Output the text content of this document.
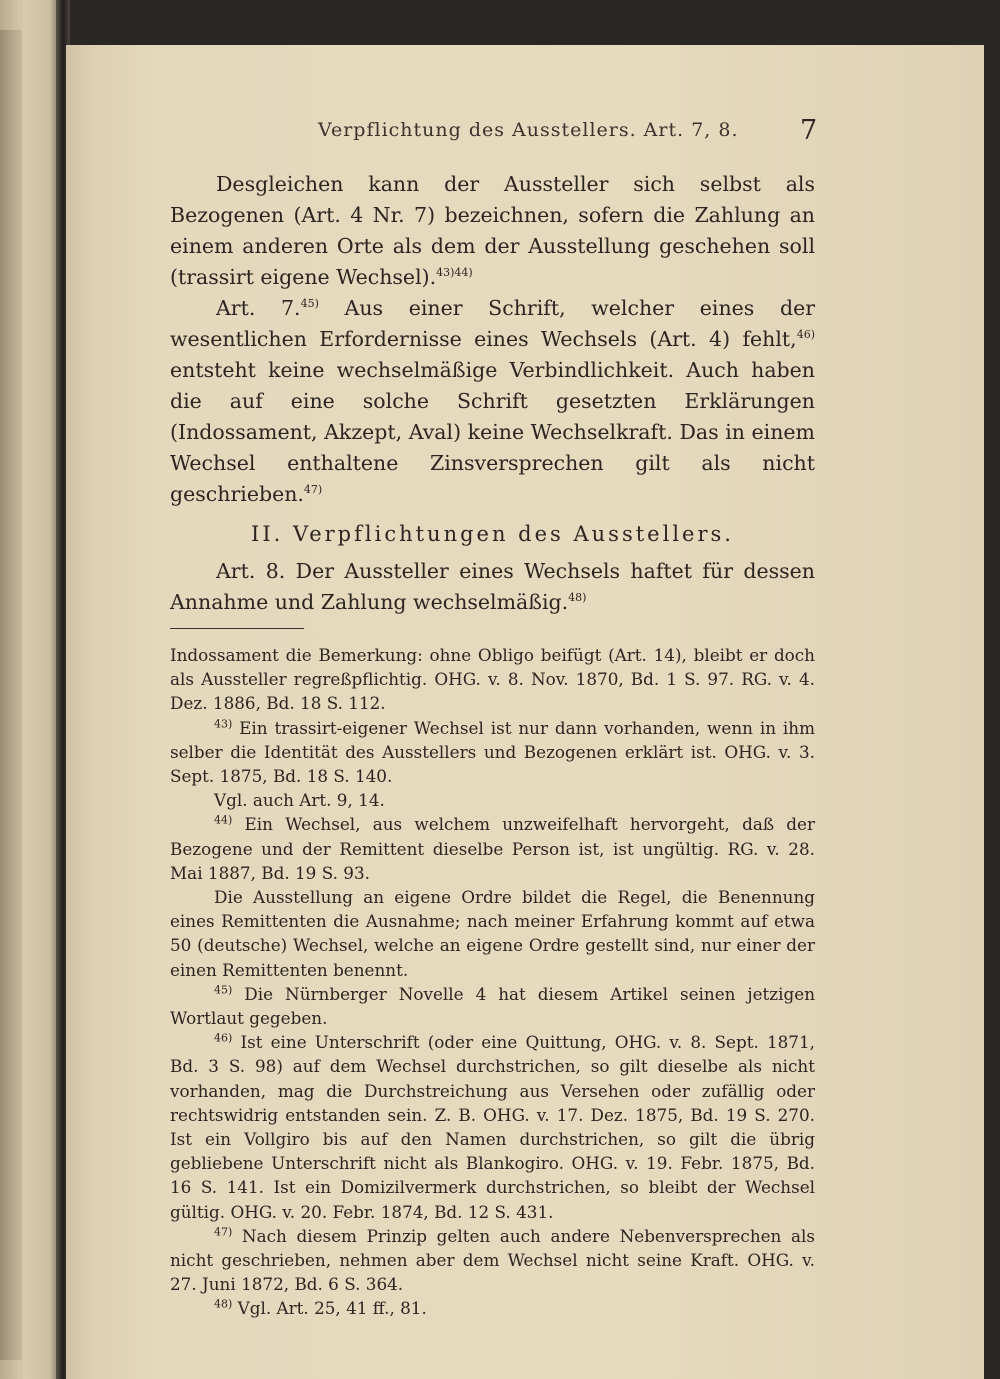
Verpflichtung des Ausstellers. Art. 7, 8.	7

Desgleichen kann der Aussteller sich selbst als Bezogenen (Art. 4 Nr. 7) bezeichnen, sofern die Zahlung an einem anderen Orte als dem der Ausstellung geschehen soll (trassirt eigene Wechsel).$^{43)44)}$

Art. 7.$^{45)}$ Aus einer Schrift, welcher eines der wesentlichen Erfordernisse eines Wechsels (Art. 4) fehlt,$^{46)}$ entsteht keine wechselmäßige Verbindlichkeit. Auch haben die auf eine solche Schrift gesetzten Erklärungen (Indossament, Akzept, Aval) keine Wechselkraft. Das in einem Wechsel enthaltene Zinsversprechen gilt als nicht geschrieben.$^{47)}$

II. Verpflichtungen des Ausstellers.

Art. 8. Der Aussteller eines Wechsels haftet für dessen Annahme und Zahlung wechselmäßig.$^{48)}$

Indossament die Bemerkung: ohne Obligo beifügt (Art. 14), bleibt er doch als Aussteller regreßpflichtig. OHG. v. 8. Nov. 1870, Bd. 1 S. 97. RG. v. 4. Dez. 1886, Bd. 18 S. 112.

$^{43)}$ Ein trassirt-eigener Wechsel ist nur dann vorhanden, wenn in ihm selber die Identität des Ausstellers und Bezogenen erklärt ist. OHG. v. 3. Sept. 1875, Bd. 18 S. 140.

Vgl. auch Art. 9, 14.

$^{44)}$ Ein Wechsel, aus welchem unzweifelhaft hervorgeht, daß der Bezogene und der Remittent dieselbe Person ist, ist ungültig. RG. v. 28. Mai 1887, Bd. 19 S. 93.

Die Ausstellung an eigene Ordre bildet die Regel, die Benennung eines Remittenten die Ausnahme; nach meiner Erfahrung kommt auf etwa 50 (deutsche) Wechsel, welche an eigene Ordre gestellt sind, nur einer der einen Remittenten benennt.

$^{45)}$ Die Nürnberger Novelle 4 hat diesem Artikel seinen jetzigen Wortlaut gegeben.

$^{46)}$ Ist eine Unterschrift (oder eine Quittung, OHG. v. 8. Sept. 1871, Bd. 3 S. 98) auf dem Wechsel durchstrichen, so gilt dieselbe als nicht vorhanden, mag die Durchstreichung aus Versehen oder zufällig oder rechtswidrig entstanden sein. Z. B. OHG. v. 17. Dez. 1875, Bd. 19 S. 270. Ist ein Vollgiro bis auf den Namen durchstrichen, so gilt die übrig gebliebene Unterschrift nicht als Blankogiro. OHG. v. 19. Febr. 1875, Bd. 16 S. 141. Ist ein Domizilvermerk durchstrichen, so bleibt der Wechsel gültig. OHG. v. 20. Febr. 1874, Bd. 12 S. 431.

$^{47)}$ Nach diesem Prinzip gelten auch andere Nebenversprechen als nicht geschrieben, nehmen aber dem Wechsel nicht seine Kraft. OHG. v. 27. Juni 1872, Bd. 6 S. 364.

$^{48)}$ Vgl. Art. 25, 41 ff., 81.
